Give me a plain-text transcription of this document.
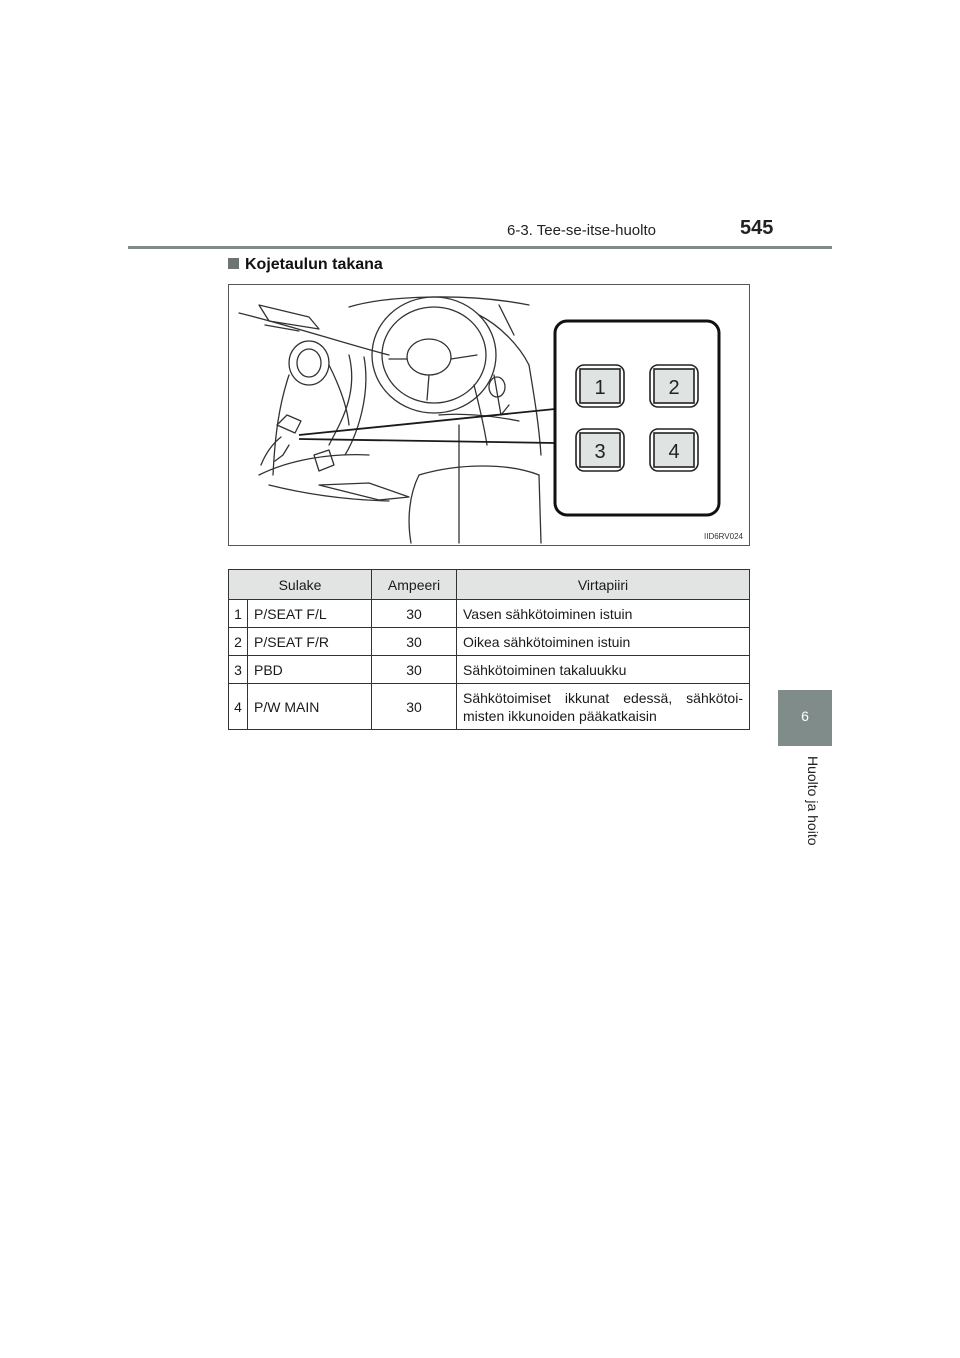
6-3. Tee-se-itse-huolto	545
6
Huolto ja hoito
Kojetaulun takana
1	2
3	4
IID6RV024
Sulake		Ampeeri	Virtapiiri
1	P/SEAT F/L	30	Vasen sähkötoiminen istuin
2	P/SEAT F/R	30	Oikea sähkötoiminen istuin
3	PBD	30	Sähkötoiminen takaluukku
4	P/W MAIN	30	Sähkötoimiset ikkunat edessä, sähkötoi-misten ikkunoiden pääkatkaisin
